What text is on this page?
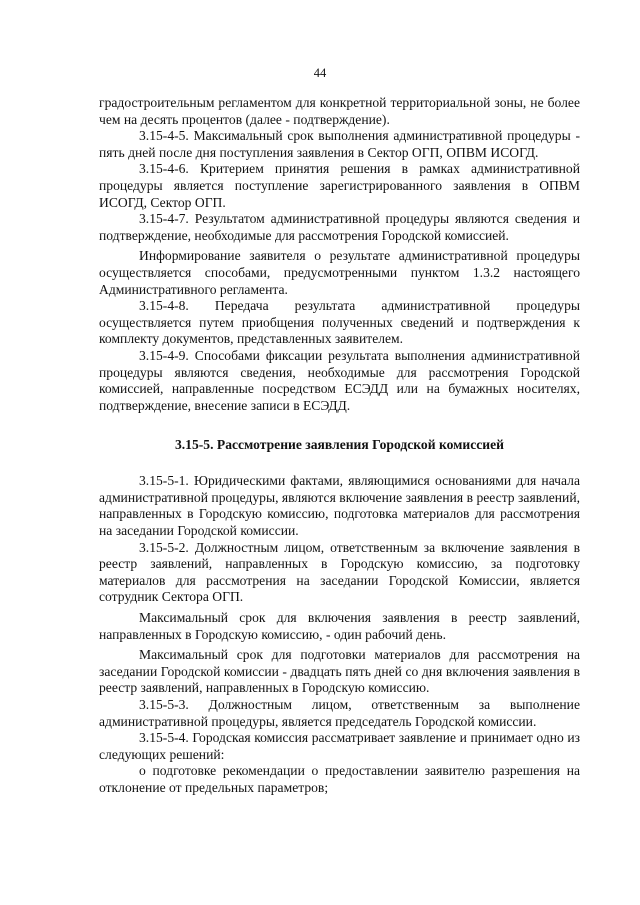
44

градостроительным регламентом для конкретной территориальной зоны, не более чем на десять процентов (далее - подтверждение).

3.15-4-5. Максимальный срок выполнения административной процедуры - пять дней после дня поступления заявления в Сектор ОГП, ОПВМ ИСОГД.

3.15-4-6. Критерием принятия решения в рамках административной процедуры является поступление зарегистрированного заявления в ОПВМ ИСОГД, Сектор ОГП.

3.15-4-7. Результатом административной процедуры являются сведения и подтверждение, необходимые для рассмотрения Городской комиссией.

Информирование заявителя о результате административной процедуры осуществляется способами, предусмотренными пунктом 1.3.2 настоящего Административного регламента.

3.15-4-8. Передача результата административной процедуры осуществляется путем приобщения полученных сведений и подтверждения к комплекту документов, представленных заявителем.

3.15-4-9. Способами фиксации результата выполнения административной процедуры являются сведения, необходимые для рассмотрения Городской комиссией, направленные посредством ЕСЭДД или на бумажных носителях, подтверждение, внесение записи в ЕСЭДД.

3.15-5. Рассмотрение заявления Городской комиссией

3.15-5-1. Юридическими фактами, являющимися основаниями для начала административной процедуры, являются включение заявления в реестр заявлений, направленных в Городскую комиссию, подготовка материалов для рассмотрения на заседании Городской комиссии.

3.15-5-2. Должностным лицом, ответственным за включение заявления в реестр заявлений, направленных в Городскую комиссию, за подготовку материалов для рассмотрения на заседании Городской Комиссии, является сотрудник Сектора ОГП.

Максимальный срок для включения заявления в реестр заявлений, направленных в Городскую комиссию, - один рабочий день.

Максимальный срок для подготовки материалов для рассмотрения на заседании Городской комиссии - двадцать пять дней со дня включения заявления в реестр заявлений, направленных в Городскую комиссию.

3.15-5-3. Должностным лицом, ответственным за выполнение административной процедуры, является председатель Городской комиссии.

3.15-5-4. Городская комиссия рассматривает заявление и принимает одно из следующих решений:

о подготовке рекомендации о предоставлении заявителю разрешения на отклонение от предельных параметров;
